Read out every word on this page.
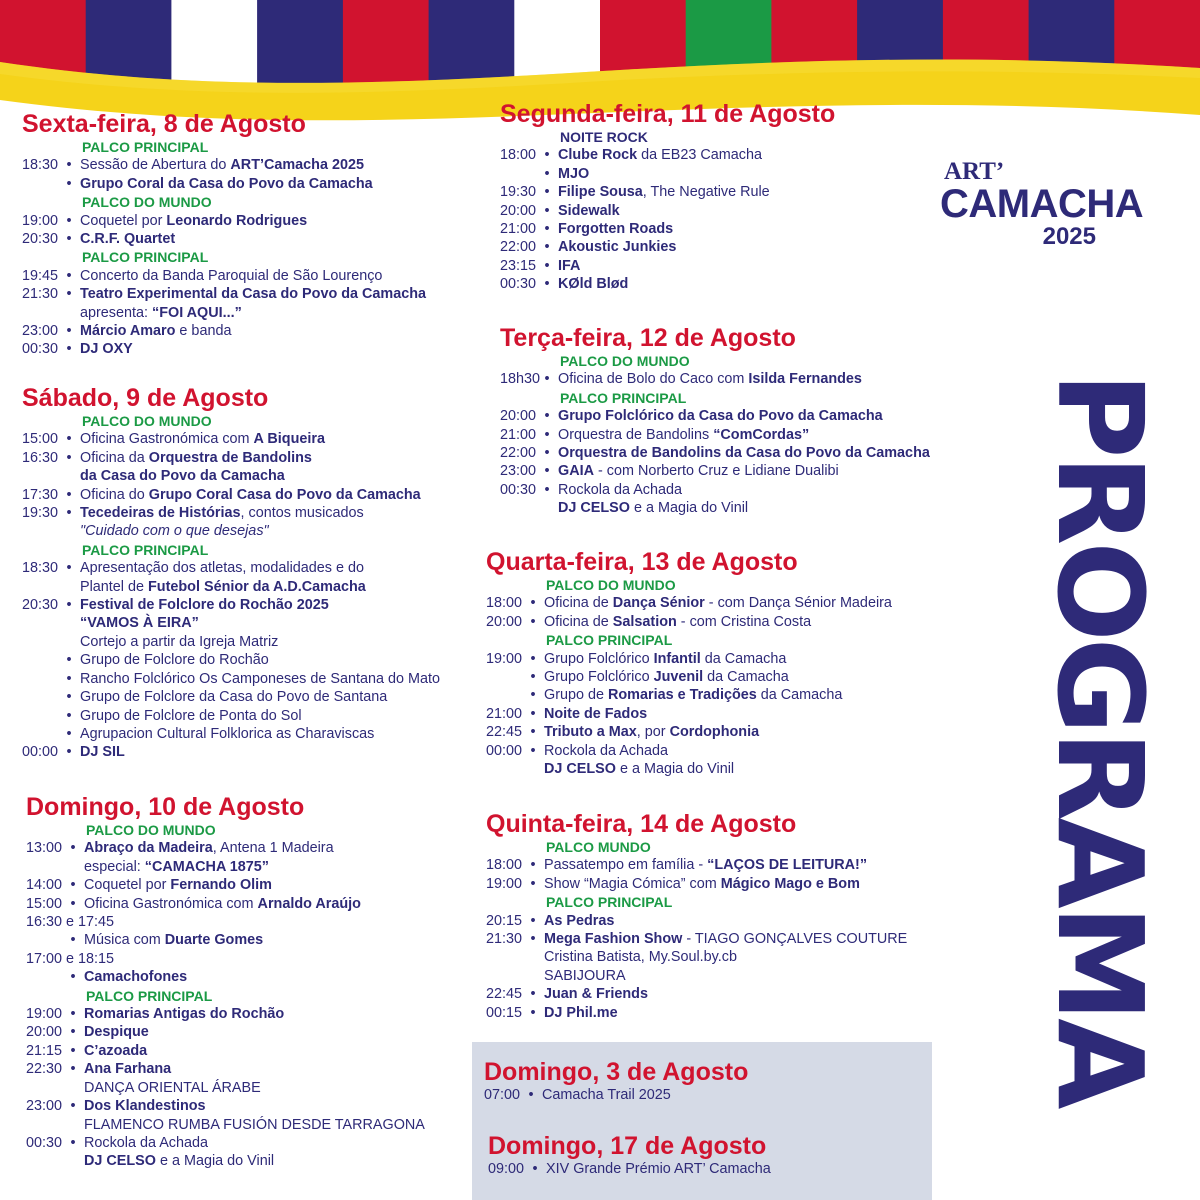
Sexta-feira, 8 de Agosto
PALCO PRINCIPAL
18:30 • Sessão de Abertura do ART’Camacha 2025
• Grupo Coral da Casa do Povo da Camacha
PALCO DO MUNDO
19:00 • Coquetel por Leonardo Rodrigues
20:30 • C.R.F. Quartet
PALCO PRINCIPAL
19:45 • Concerto da Banda Paroquial de São Lourenço
21:30 • Teatro Experimental da Casa do Povo da Camacha
apresenta: “FOI AQUI...”
23:00 • Márcio Amaro e banda
00:30 • DJ OXY
Sábado, 9 de Agosto
PALCO DO MUNDO
15:00 • Oficina Gastronómica com A Biqueira
16:30 • Oficina da Orquestra de Bandolins
da Casa do Povo da Camacha
17:30 • Oficina do Grupo Coral Casa do Povo da Camacha
19:30 • Tecedeiras de Histórias, contos musicados
"Cuidado com o que desejas"
PALCO PRINCIPAL
18:30 • Apresentação dos atletas, modalidades e do
Plantel de Futebol Sénior da A.D.Camacha
20:30 • Festival de Folclore do Rochão 2025
“VAMOS À EIRA”
Cortejo a partir da Igreja Matriz
• Grupo de Folclore do Rochão
• Rancho Folclórico Os Camponeses de Santana do Mato
• Grupo de Folclore da Casa do Povo de Santana
• Grupo de Folclore de Ponta do Sol
• Agrupacion Cultural Folklorica as Charaviscas
00:00 • DJ SIL
Domingo, 10 de Agosto
PALCO DO MUNDO
13:00 • Abraço da Madeira, Antena 1 Madeira
especial: “CAMACHA 1875”
14:00 • Coquetel por Fernando Olim
15:00 • Oficina Gastronómica com Arnaldo Araújo
16:30 e 17:45
• Música com Duarte Gomes
17:00 e 18:15
• Camachofones
PALCO PRINCIPAL
19:00 • Romarias Antigas do Rochão
20:00 • Despique
21:15 • C’azoada
22:30 • Ana Farhana
DANÇA ORIENTAL ÁRABE
23:00 • Dos Klandestinos
FLAMENCO RUMBA FUSIÓN DESDE TARRAGONA
00:30 • Rockola da Achada
DJ CELSO e a Magia do Vinil
Segunda-feira, 11 de Agosto
NOITE ROCK
18:00 • Clube Rock da EB23 Camacha
• MJO
19:30 • Filipe Sousa, The Negative Rule
20:00 • Sidewalk
21:00 • Forgotten Roads
22:00 • Akoustic Junkies
23:15 • IFA
00:30 • KØld Blød
Terça-feira, 12 de Agosto
PALCO DO MUNDO
18h30 • Oficina de Bolo do Caco com Isilda Fernandes
PALCO PRINCIPAL
20:00 • Grupo Folclórico da Casa do Povo da Camacha
21:00 • Orquestra de Bandolins “ComCordas”
22:00 • Orquestra de Bandolins da Casa do Povo da Camacha
23:00 • GAIA - com Norberto Cruz e Lidiane Dualibi
00:30 • Rockola da Achada
DJ CELSO e a Magia do Vinil
Quarta-feira, 13 de Agosto
PALCO DO MUNDO
18:00 • Oficina de Dança Sénior - com Dança Sénior Madeira
20:00 • Oficina de Salsation - com Cristina Costa
PALCO PRINCIPAL
19:00 • Grupo Folclórico Infantil da Camacha
• Grupo Folclórico Juvenil da Camacha
• Grupo de Romarias e Tradições da Camacha
21:00 • Noite de Fados
22:45 • Tributo a Max, por Cordophonia
00:00 • Rockola da Achada
DJ CELSO e a Magia do Vinil
Quinta-feira, 14 de Agosto
PALCO MUNDO
18:00 • Passatempo em família - “LAÇOS DE LEITURA!”
19:00 • Show “Magia Cómica” com Mágico Mago e Bom
PALCO PRINCIPAL
20:15 • As Pedras
21:30 • Mega Fashion Show - TIAGO GONÇALVES COUTURE
Cristina Batista, My.Soul.by.cb
SABIJOURA
22:45 • Juan & Friends
00:15 • DJ Phil.me
Domingo, 3 de Agosto
07:00 • Camacha Trail 2025
Domingo, 17 de Agosto
09:00 • XIV Grande Prémio ART’ Camacha
ART’
CAMACHA
2025
PROGRAMA
